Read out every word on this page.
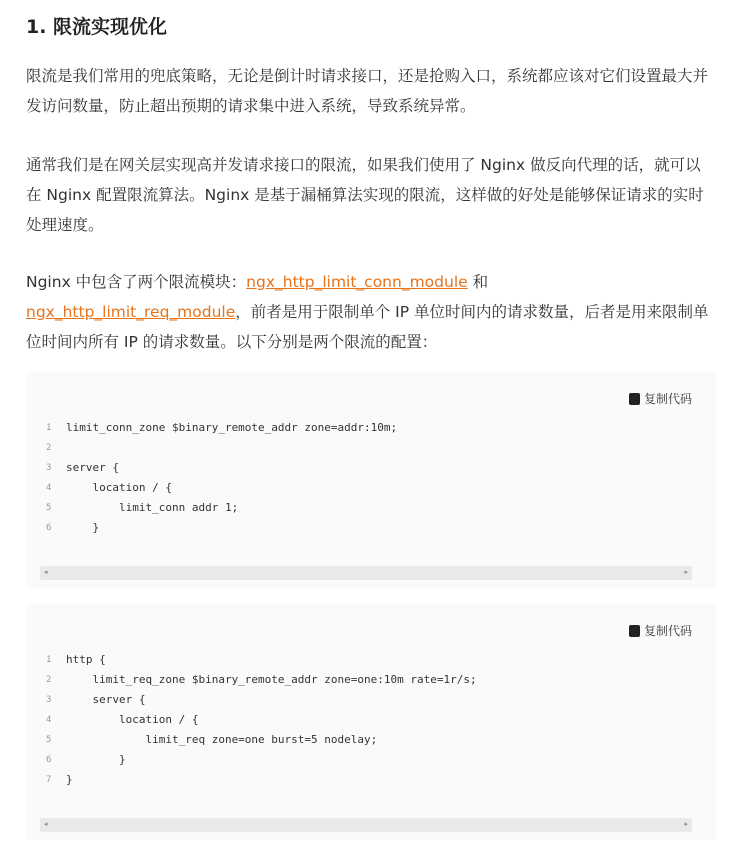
1. 限流实现优化
限流是我们常用的兜底策略，无论是倒计时请求接口，还是抢购入口，系统都应该对它们设置最大并发访问数量，防止超出预期的请求集中进入系统，导致系统异常。
通常我们是在网关层实现高并发请求接口的限流，如果我们使用了 Nginx 做反向代理的话，就可以在 Nginx 配置限流算法。Nginx 是基于漏桶算法实现的限流，这样做的好处是能够保证请求的实时处理速度。
Nginx 中包含了两个限流模块：ngx_http_limit_conn_module 和
ngx_http_limit_req_module，前者是用于限制单个 IP 单位时间内的请求数量，后者是用来限制单位时间内所有 IP 的请求数量。以下分别是两个限流的配置：
复制代码
1	limit_conn_zone $binary_remote_addr zone=addr:10m;
2
3	server {
4	location / {
5	limit_conn addr 1;
6	}
◂	▸
复制代码
1	http {
2	limit_req_zone $binary_remote_addr zone=one:10m rate=1r/s;
3	server {
4	location / {
5	limit_req zone=one burst=5 nodelay;
6	}
7	}
◂	▸
